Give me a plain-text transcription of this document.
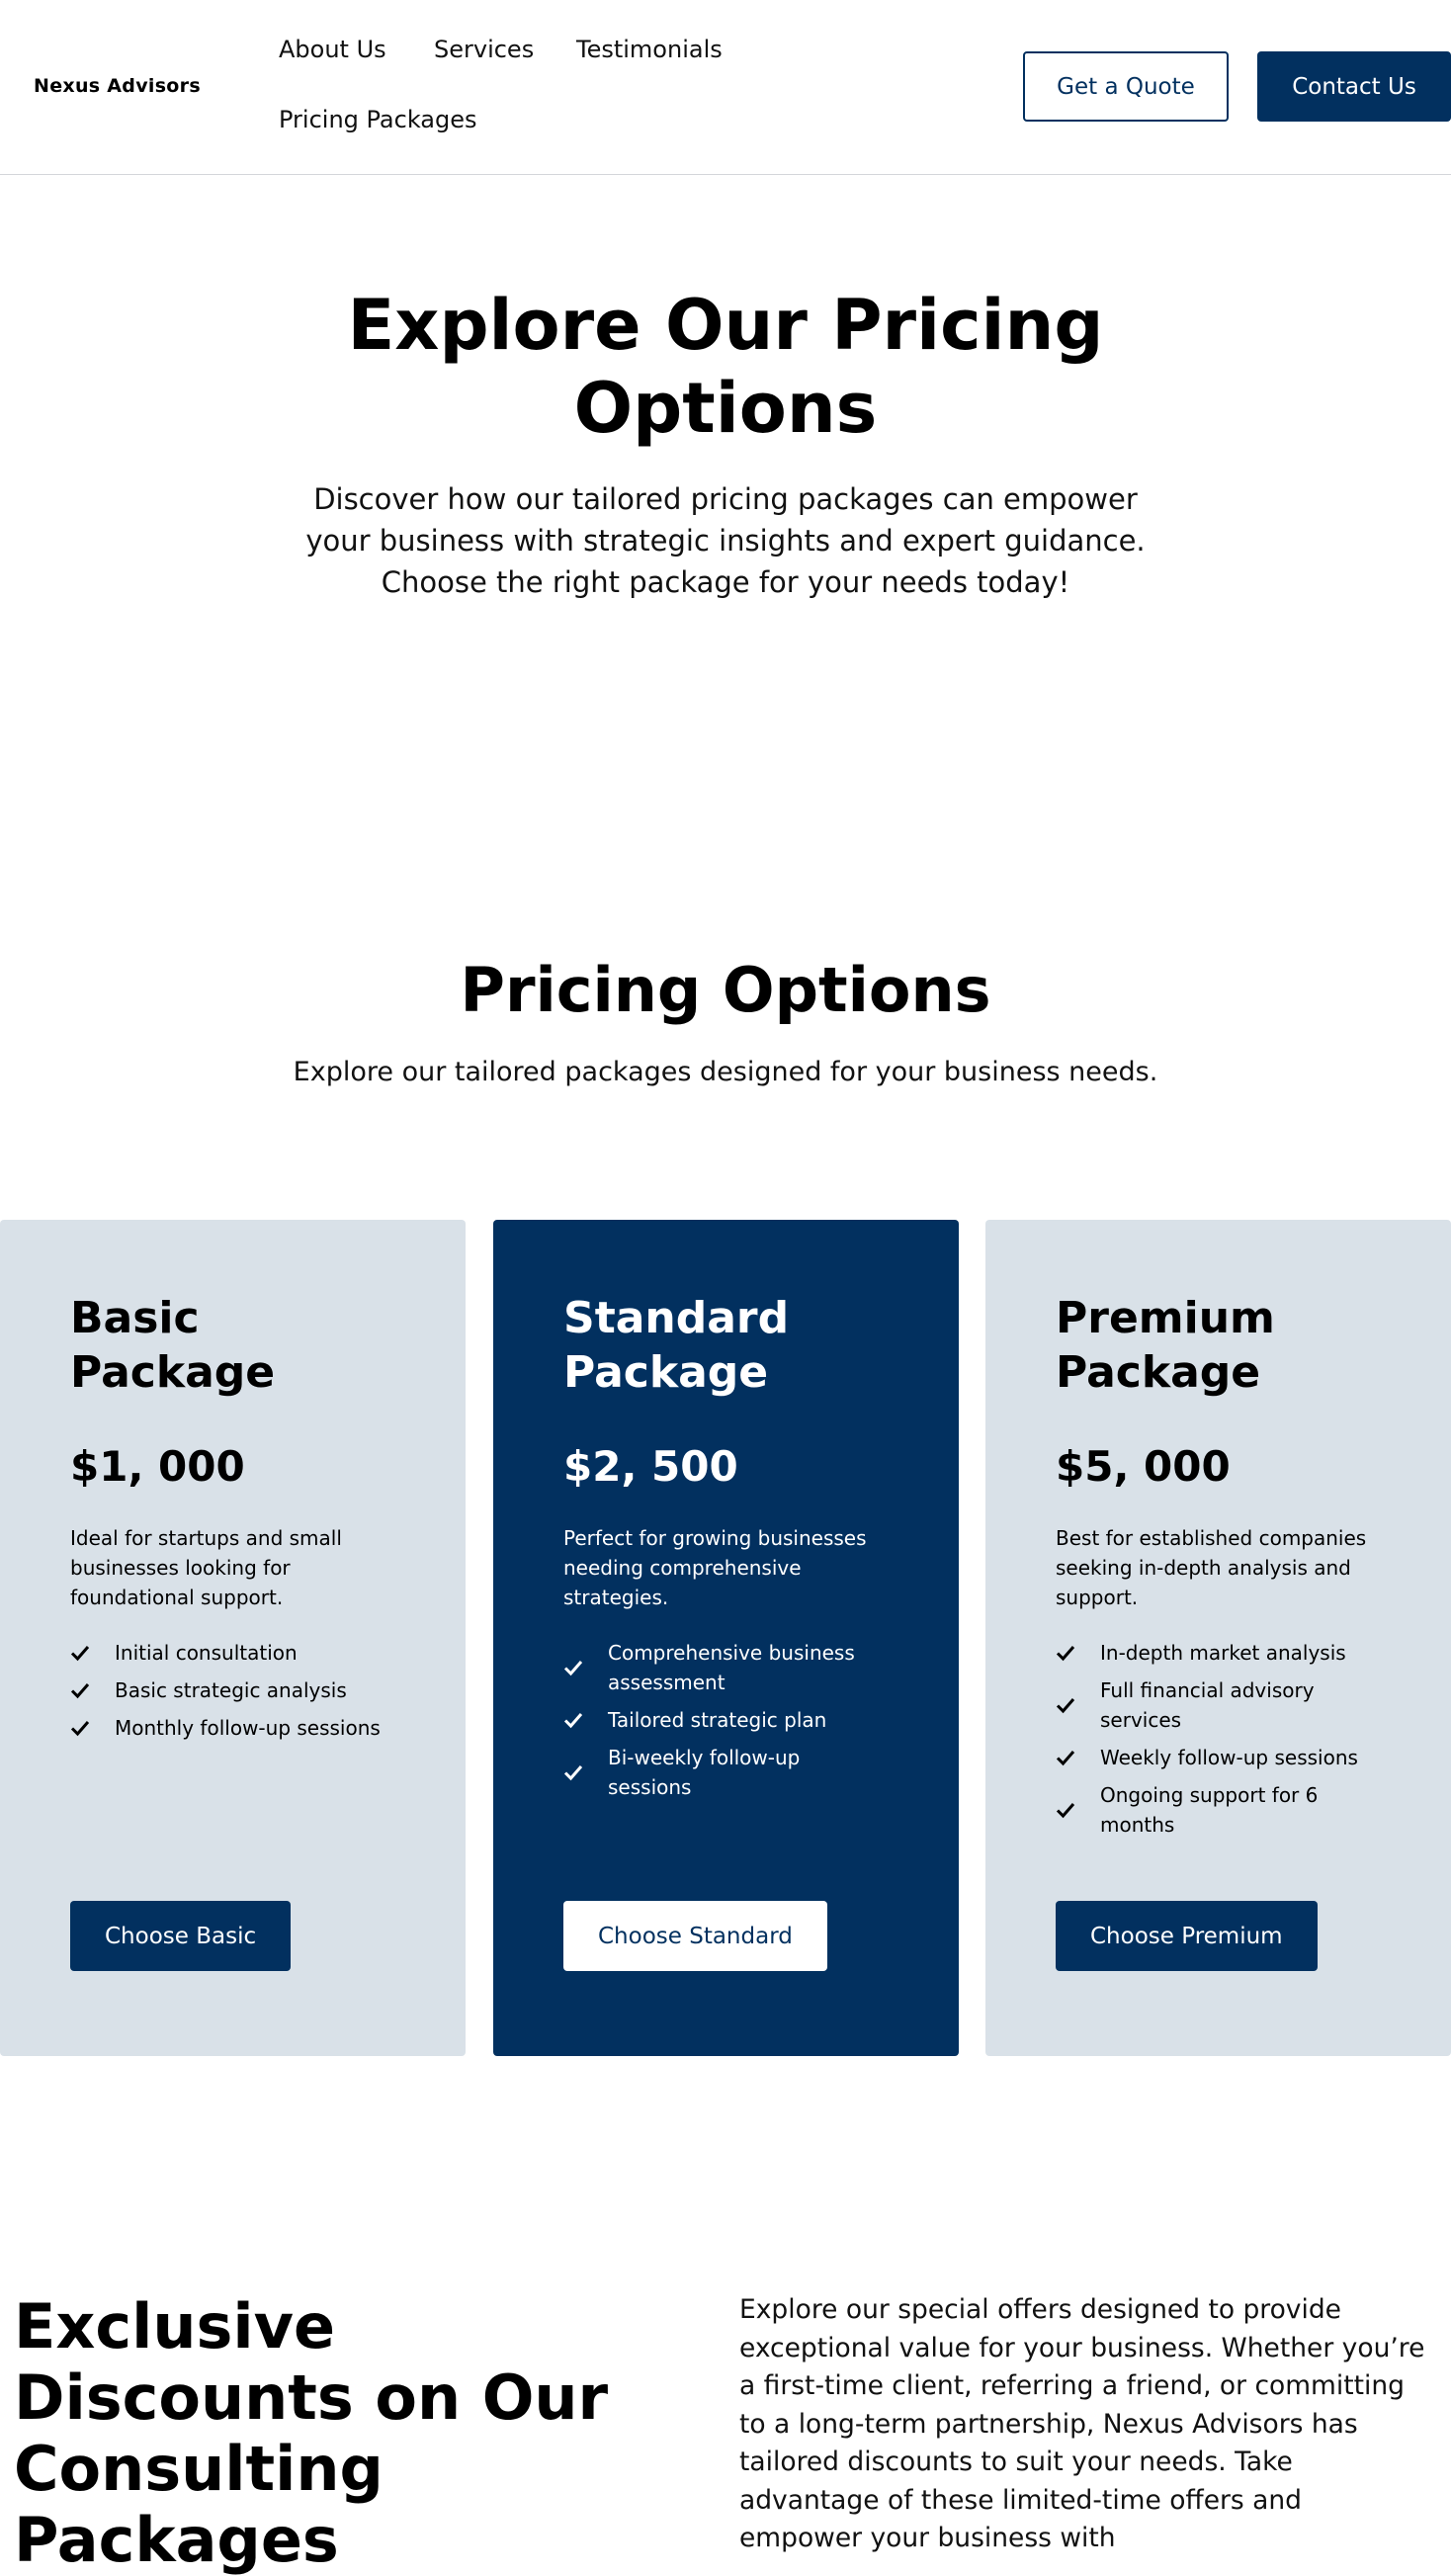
Nexus Advisors
About Us Services Testimonials
Pricing Packages
Get a Quote	Contact Us
Explore Our Pricing Options

Discover how our tailored pricing packages can empower your business with strategic insights and expert guidance. Choose the right package for your needs today!

Pricing Options

Explore our tailored packages designed for your business needs.

Basic Package
$1, 000

Ideal for startups and small businesses looking for foundational support.

Initial consultation
Basic strategic analysis
Monthly follow-up sessions
Choose Basic
Standard Package
$2, 500

Perfect for growing businesses needing comprehensive strategies.

Comprehensive business assessment
Tailored strategic plan
Bi-weekly follow-up sessions
Choose Standard
Premium Package
$5, 000

Best for established companies seeking in-depth analysis and support.

In-depth market analysis
Full financial advisory services
Weekly follow-up sessions
Ongoing support for 6 months
Choose Premium
Exclusive Discounts on Our Consulting Packages

Explore our special offers designed to provide exceptional value for your business. Whether you’re a first-time client, referring a friend, or committing to a long-term partnership, Nexus Advisors has tailored discounts to suit your needs. Take advantage of these limited-time offers and empower your business with
